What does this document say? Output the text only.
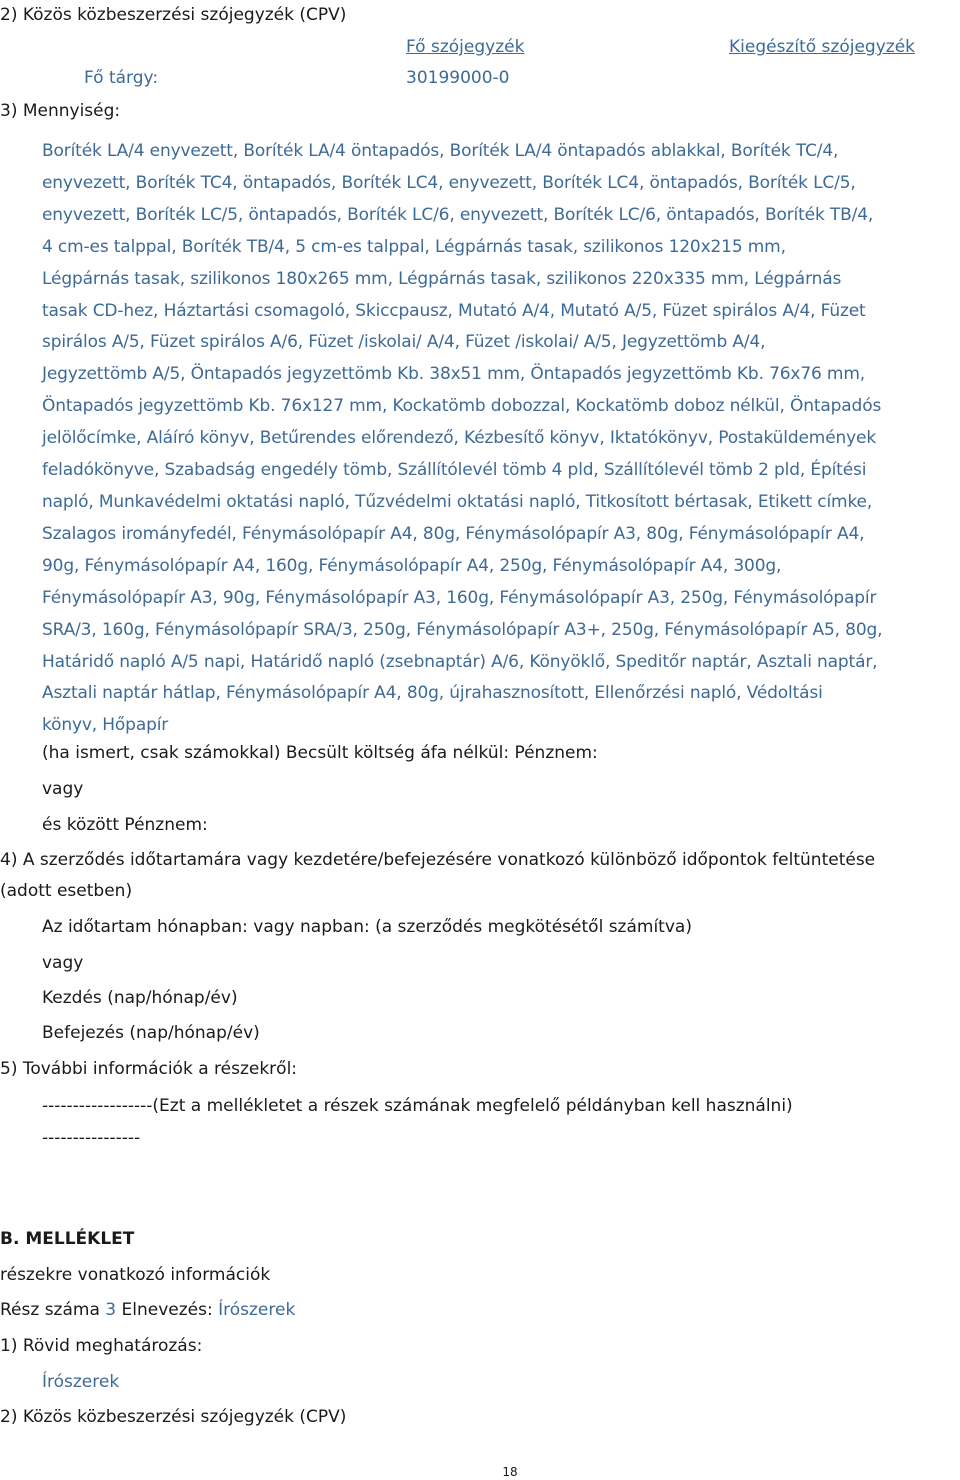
2) Közös közbeszerzési szójegyzék (CPV)
Fő szójegyzék	Kiegészítő szójegyzék
Fő tárgy:	30199000-0
3) Mennyiség:
Boríték LA/4 enyvezett, Boríték LA/4 öntapadós, Boríték LA/4 öntapadós ablakkal, Boríték TC/4,
enyvezett, Boríték TC4, öntapadós, Boríték LC4, enyvezett, Boríték LC4, öntapadós, Boríték LC/5,
enyvezett, Boríték LC/5, öntapadós, Boríték LC/6, enyvezett, Boríték LC/6, öntapadós, Boríték TB/4,
4 cm-es talppal, Boríték TB/4, 5 cm-es talppal, Légpárnás tasak, szilikonos 120x215 mm,
Légpárnás tasak, szilikonos 180x265 mm, Légpárnás tasak, szilikonos 220x335 mm, Légpárnás
tasak CD-hez, Háztartási csomagoló, Skiccpausz, Mutató A/4, Mutató A/5, Füzet spirálos A/4, Füzet
spirálos A/5, Füzet spirálos A/6, Füzet /iskolai/ A/4, Füzet /iskolai/ A/5, Jegyzettömb A/4,
Jegyzettömb A/5, Öntapadós jegyzettömb Kb. 38x51 mm, Öntapadós jegyzettömb Kb. 76x76 mm,
Öntapadós jegyzettömb Kb. 76x127 mm, Kockatömb dobozzal, Kockatömb doboz nélkül, Öntapadós
jelölőcímke, Aláíró könyv, Betűrendes előrendező, Kézbesítő könyv, Iktatókönyv, Postaküldemények
feladókönyve, Szabadság engedély tömb, Szállítólevél tömb 4 pld, Szállítólevél tömb 2 pld, Építési
napló, Munkavédelmi oktatási napló, Tűzvédelmi oktatási napló, Titkosított bértasak, Etikett címke,
Szalagos irományfedél, Fénymásolópapír A4, 80g, Fénymásolópapír A3, 80g, Fénymásolópapír A4,
90g, Fénymásolópapír A4, 160g, Fénymásolópapír A4, 250g, Fénymásolópapír A4, 300g,
Fénymásolópapír A3, 90g, Fénymásolópapír A3, 160g, Fénymásolópapír A3, 250g, Fénymásolópapír
SRA/3, 160g, Fénymásolópapír SRA/3, 250g, Fénymásolópapír A3+, 250g, Fénymásolópapír A5, 80g,
Határidő napló A/5 napi, Határidő napló (zsebnaptár) A/6, Könyöklő, Speditőr naptár, Asztali naptár,
Asztali naptár hátlap, Fénymásolópapír A4, 80g, újrahasznosított, Ellenőrzési napló, Védoltási
könyv, Hőpapír
(ha ismert, csak számokkal) Becsült költség áfa nélkül: Pénznem:
vagy
és között Pénznem:
4) A szerződés időtartamára vagy kezdetére/befejezésére vonatkozó különböző időpontok feltüntetése
(adott esetben)
Az időtartam hónapban: vagy napban: (a szerződés megkötésétől számítva)
vagy
Kezdés (nap/hónap/év)
Befejezés (nap/hónap/év)
5) További információk a részekről:
------------------(Ezt a mellékletet a részek számának megfelelő példányban kell használni)
----------------
B. MELLÉKLET
részekre vonatkozó információk
Rész száma 3 Elnevezés: Írószerek
1) Rövid meghatározás:
Írószerek
2) Közös közbeszerzési szójegyzék (CPV)
18
